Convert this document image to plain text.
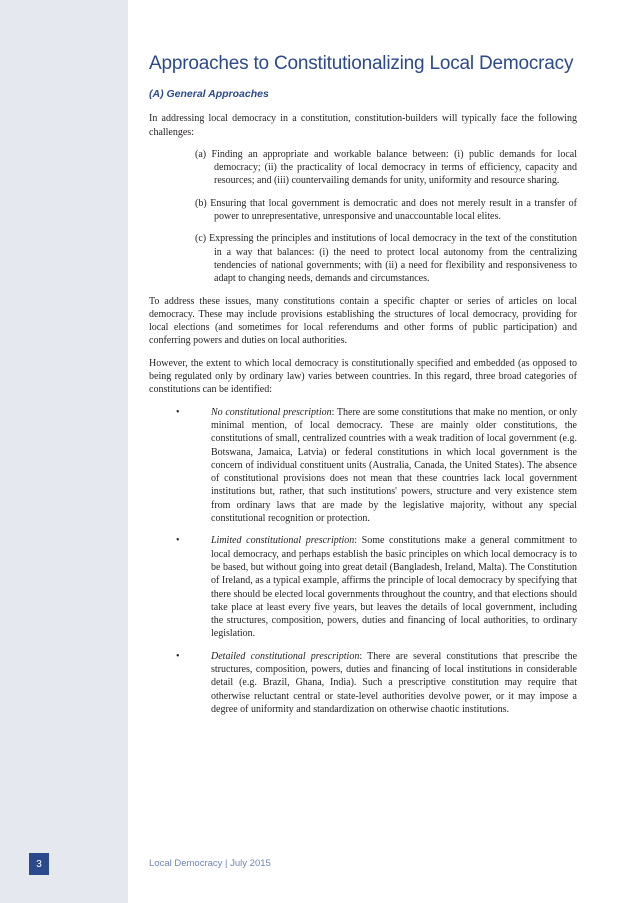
Approaches to Constitutionalizing Local Democracy
(A) General Approaches

In addressing local democracy in a constitution, constitution-builders will typically face the following challenges:

(a) Finding an appropriate and workable balance between: (i) public demands for local democracy; (ii) the practicality of local democracy in terms of efficiency, capacity and resources; and (iii) countervailing demands for unity, uniformity and resource sharing.

(b) Ensuring that local government is democratic and does not merely result in a transfer of power to unrepresentative, unresponsive and unaccountable local elites.

(c) Expressing the principles and institutions of local democracy in the text of the constitution in a way that balances: (i) the need to protect local autonomy from the centralizing tendencies of national governments; with (ii) a need for flexibility and responsiveness to adapt to changing needs, demands and circumstances.

To address these issues, many constitutions contain a specific chapter or series of articles on local democracy. These may include provisions establishing the structures of local democracy, providing for local elections (and sometimes for local referendums and other forms of public participation) and conferring powers and duties on local authorities.

However, the extent to which local democracy is constitutionally specified and embedded (as opposed to being regulated only by ordinary law) varies between countries. In this regard, three broad categories of constitutions can be identified:

•	No constitutional prescription: There are some constitutions that make no mention, or only minimal mention, of local democracy. These are mainly older constitutions, the constitutions of small, centralized countries with a weak tradition of local government (e.g. Botswana, Jamaica, Latvia) or federal constitutions in which local government is the concern of individual constituent units (Australia, Canada, the United States). The absence of constitutional provisions does not mean that these countries lack local government institutions but, rather, that such institutions' powers, structure and very existence stem from ordinary laws that are made by the legislative majority, without any special constitutional recognition or protection.
•	Limited constitutional prescription: Some constitutions make a general commitment to local democracy, and perhaps establish the basic principles on which local democracy is to be based, but without going into great detail (Bangladesh, Ireland, Malta). The Constitution of Ireland, as a typical example, affirms the principle of local democracy by specifying that there should be elected local governments throughout the country, and that elections should take place at least every five years, but leaves the details of local government, including the structures, composition, powers, duties and financing of local authorities, to ordinary legislation.
•	Detailed constitutional prescription: There are several constitutions that prescribe the structures, composition, powers, duties and financing of local institutions in considerable detail (e.g. Brazil, Ghana, India). Such a prescriptive constitution may require that otherwise reluctant central or state-level authorities devolve power, or it may impose a degree of uniformity and standardization on otherwise chaotic institutions.
3	Local Democracy | July 2015
